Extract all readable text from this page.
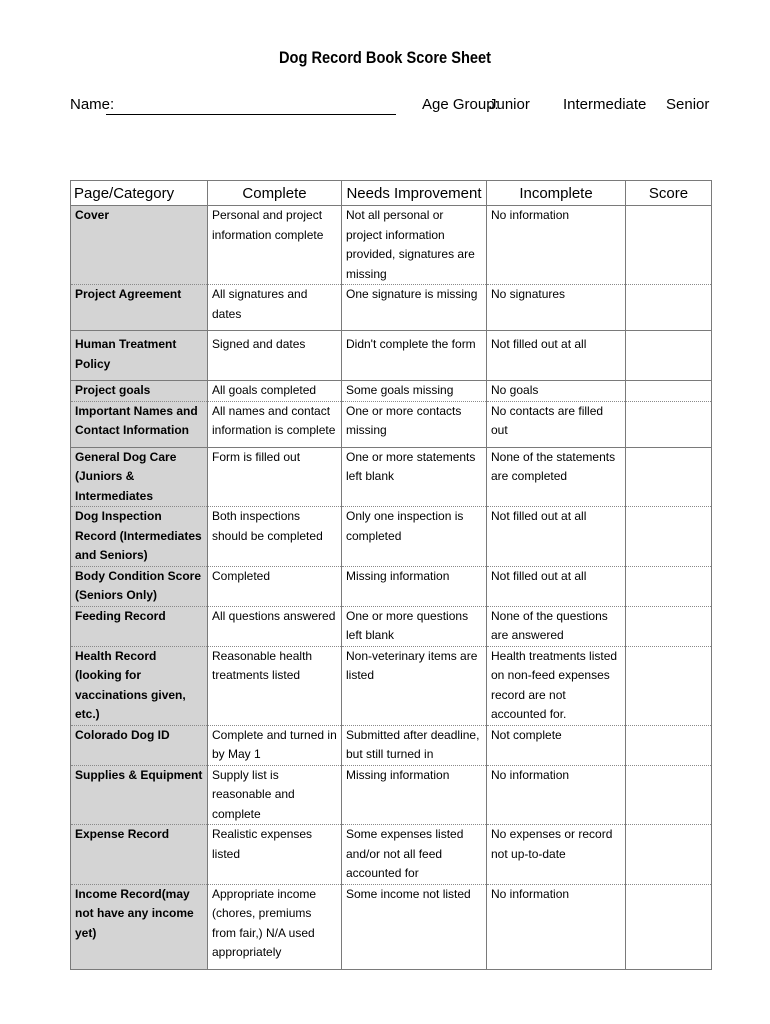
Dog Record Book Score Sheet
Name:	Age Group:
Junior Intermediate Senior
Page/Category	Complete	Needs Improvement	Incomplete	Score
Cover	Personal and project information complete	Not all personal or project information provided, signatures are missing	No information	
Project Agreement	All signatures and dates	One signature is missing	No signatures	
Human Treatment Policy	Signed and dates	Didn't complete the form	Not filled out at all	
Project goals	All goals completed	Some goals missing	No goals	
Important Names and Contact Information	All names and contact information is complete	One or more contacts missing	No contacts are filled out	
General Dog Care (Juniors & Intermediates	Form is filled out	One or more statements left blank	None of the statements are completed	
Dog Inspection Record (Intermediates and Seniors)	Both inspections should be completed	Only one inspection is completed	Not filled out at all	
Body Condition Score (Seniors Only)	Completed	Missing information	Not filled out at all	
Feeding Record	All questions answered	One or more questions left blank	None of the questions are answered	
Health Record (looking for vaccinations given, etc.)	Reasonable health treatments listed	Non-veterinary items are listed	Health treatments listed on non-feed expenses record are not accounted for.	
Colorado Dog ID	Complete and turned in by May 1	Submitted after deadline, but still turned in	Not complete	
Supplies & Equipment	Supply list is reasonable and complete	Missing information	No information	
Expense Record	Realistic expenses listed	Some expenses listed and/or not all feed accounted for	No expenses or record not up-to-date	
Income Record(may not have any income yet)	Appropriate income (chores, premiums from fair,) N/A used appropriately	Some income not listed	No information	
